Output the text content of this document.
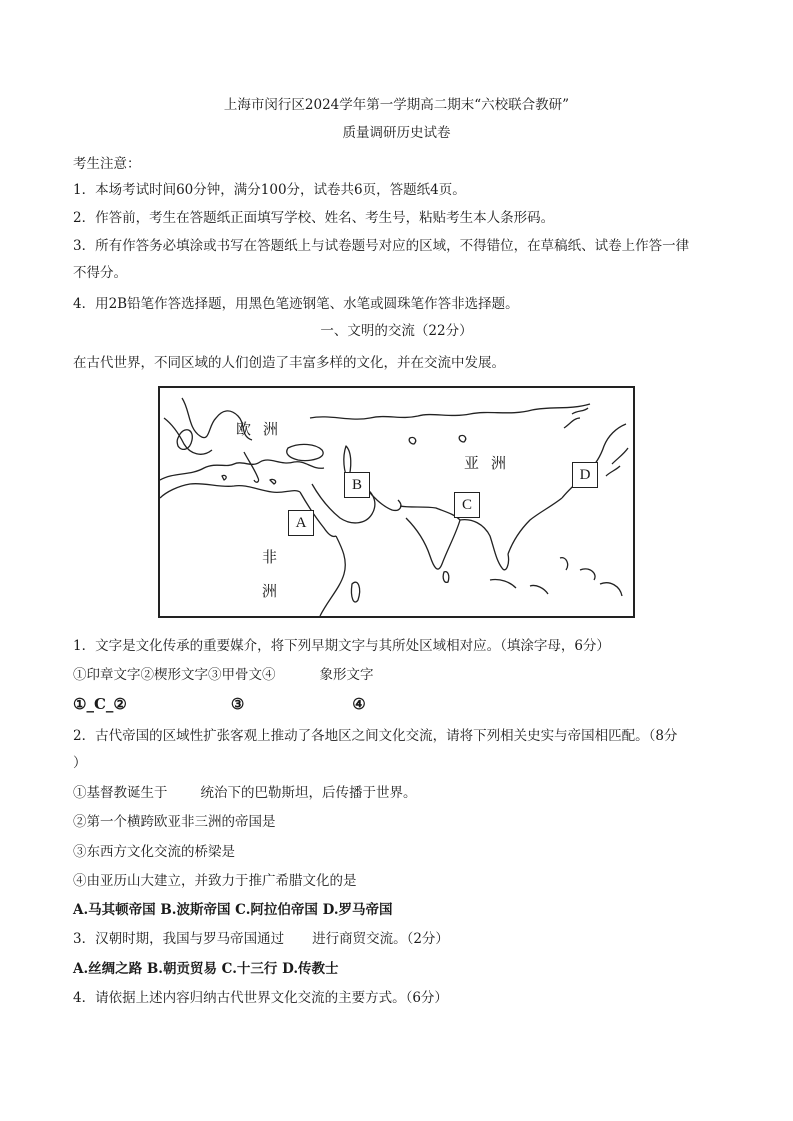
上海市闵行区2024学年第一学期高二期末“六校联合教研”
质量调研历史试卷
考生注意：
1．本场考试时间60分钟，满分100分，试卷共6页，答题纸4页。
2．作答前，考生在答题纸正面填写学校、姓名、考生号，粘贴考生本人条形码。
3．所有作答务必填涂或书写在答题纸上与试卷题号对应的区域，不得错位，在草稿纸、试卷上作答一律
不得分。
4．用2B铅笔作答选择题，用黑色笔迹钢笔、水笔或圆珠笔作答非选择题。
一、文明的交流（22分）
在古代世界，不同区域的人们创造了丰富多样的文化，并在交流中发展。
欧洲
亚洲
非
洲
A
B
C
D
1．文字是文化传承的重要媒介，将下列早期文字与其所处区域相对应。（填涂字母，6分）
①印章文字②楔形文字③甲骨文④	象形文字
①_C_②	③	④
2．古代帝国的区域性扩张客观上推动了各地区之间文化交流，请将下列相关史实与帝国相匹配。（8分
）
①基督教诞生于 统治下的巴勒斯坦，后传播于世界。
②第一个横跨欧亚非三洲的帝国是
③东西方文化交流的桥梁是
④由亚历山大建立，并致力于推广希腊文化的是
A.马其顿帝国 B.波斯帝国 C.阿拉伯帝国 D.罗马帝国
3．汉朝时期，我国与罗马帝国通过 进行商贸交流。（2分）
A.丝绸之路 B.朝贡贸易 C.十三行 D.传教士
4．请依据上述内容归纳古代世界文化交流的主要方式。（6分）
